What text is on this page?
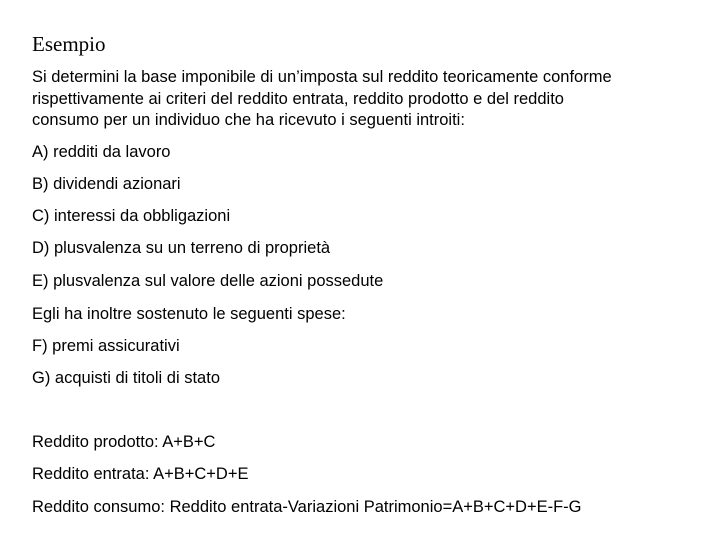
Esempio
Si determini la base imponibile di un’imposta sul reddito teoricamente conforme
rispettivamente ai criteri del reddito entrata, reddito prodotto e del reddito
consumo per un individuo che ha ricevuto i seguenti introiti:
A) redditi da lavoro
B) dividendi azionari
C) interessi da obbligazioni
D) plusvalenza su un terreno di proprietà
E) plusvalenza sul valore delle azioni possedute
Egli ha inoltre sostenuto le seguenti spese:
F) premi assicurativi
G) acquisti di titoli di stato
Reddito prodotto: A+B+C
Reddito entrata: A+B+C+D+E
Reddito consumo: Reddito entrata-Variazioni Patrimonio=A+B+C+D+E-F-G
